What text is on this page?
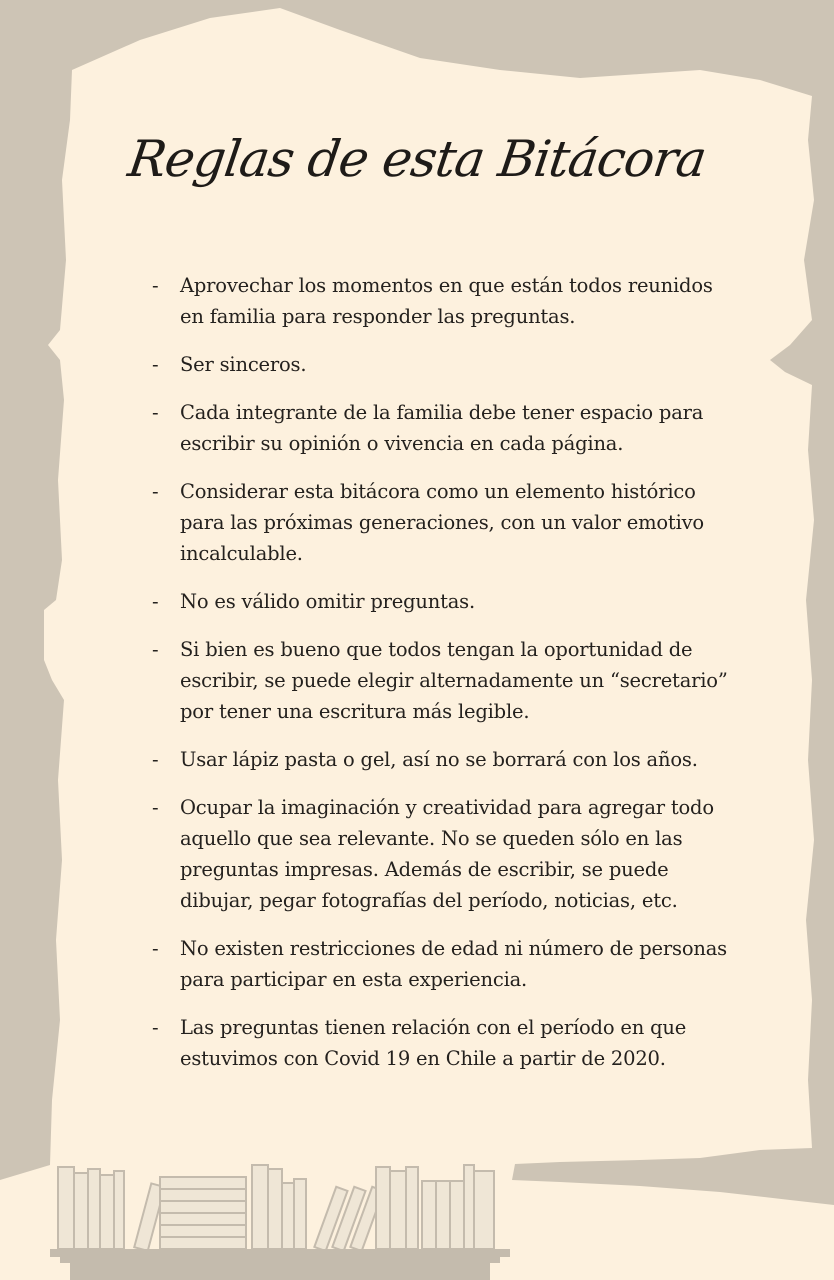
Reglas de esta Bitácora
- Aprovechar los momentos en que están todos reunidos en familia para responder las preguntas.
- Ser sinceros.
- Cada integrante de la familia debe tener espacio para escribir su opinión o vivencia en cada página.
- Considerar esta bitácora como un elemento histórico para las próximas generaciones, con un valor emotivo incalculable.
- No es válido omitir preguntas.
- Si bien es bueno que todos tengan la oportunidad de escribir, se puede elegir alternadamente un “secretario” por tener una escritura más legible.
- Usar lápiz pasta o gel, así no se borrará con los años.
- Ocupar la imaginación y creatividad para agregar todo aquello que sea relevante. No se queden sólo en las preguntas impresas. Además de escribir, se puede dibujar, pegar fotografías del período, noticias, etc.
- No existen restricciones de edad ni número de personas para participar en esta experiencia.
- Las preguntas tienen relación con el período en que estuvimos con Covid 19 en Chile a partir de 2020.
